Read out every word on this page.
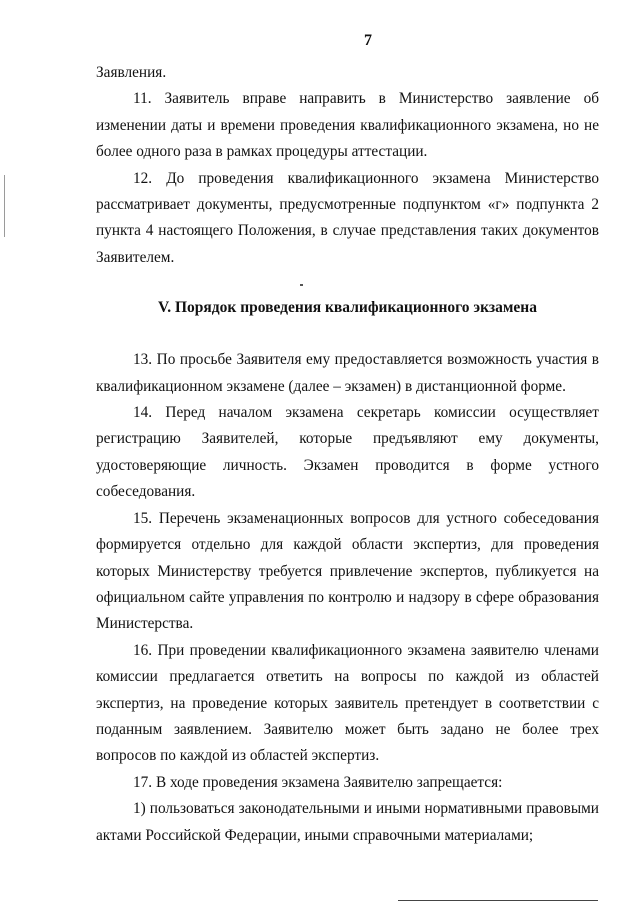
7

Заявления.

11. Заявитель вправе направить в Министерство заявление об изменении даты и времени проведения квалификационного экзамена, но не более одного раза в рамках процедуры аттестации.

12. До проведения квалификационного экзамена Министерство рассматривает документы, предусмотренные подпунктом «г» подпункта 2 пункта 4 настоящего Положения, в случае представления таких документов Заявителем.

V. Порядок проведения квалификационного экзамена

13. По просьбе Заявителя ему предоставляется возможность участия в квалификационном экзамене (далее – экзамен) в дистанционной форме.

14. Перед началом экзамена секретарь комиссии осуществляет регистрацию Заявителей, которые предъявляют ему документы, удостоверяющие личность. Экзамен проводится в форме устного собеседования.

15. Перечень экзаменационных вопросов для устного собеседования формируется отдельно для каждой области экспертиз, для проведения которых Министерству требуется привлечение экспертов, публикуется на официальном сайте управления по контролю и надзору в сфере образования Министерства.

16. При проведении квалификационного экзамена заявителю членами комиссии предлагается ответить на вопросы по каждой из областей экспертиз, на проведение которых заявитель претендует в соответствии с поданным заявлением. Заявителю может быть задано не более трех вопросов по каждой из областей экспертиз.

17. В ходе проведения экзамена Заявителю запрещается:

1) пользоваться законодательными и иными нормативными правовыми актами Российской Федерации, иными справочными материалами;
